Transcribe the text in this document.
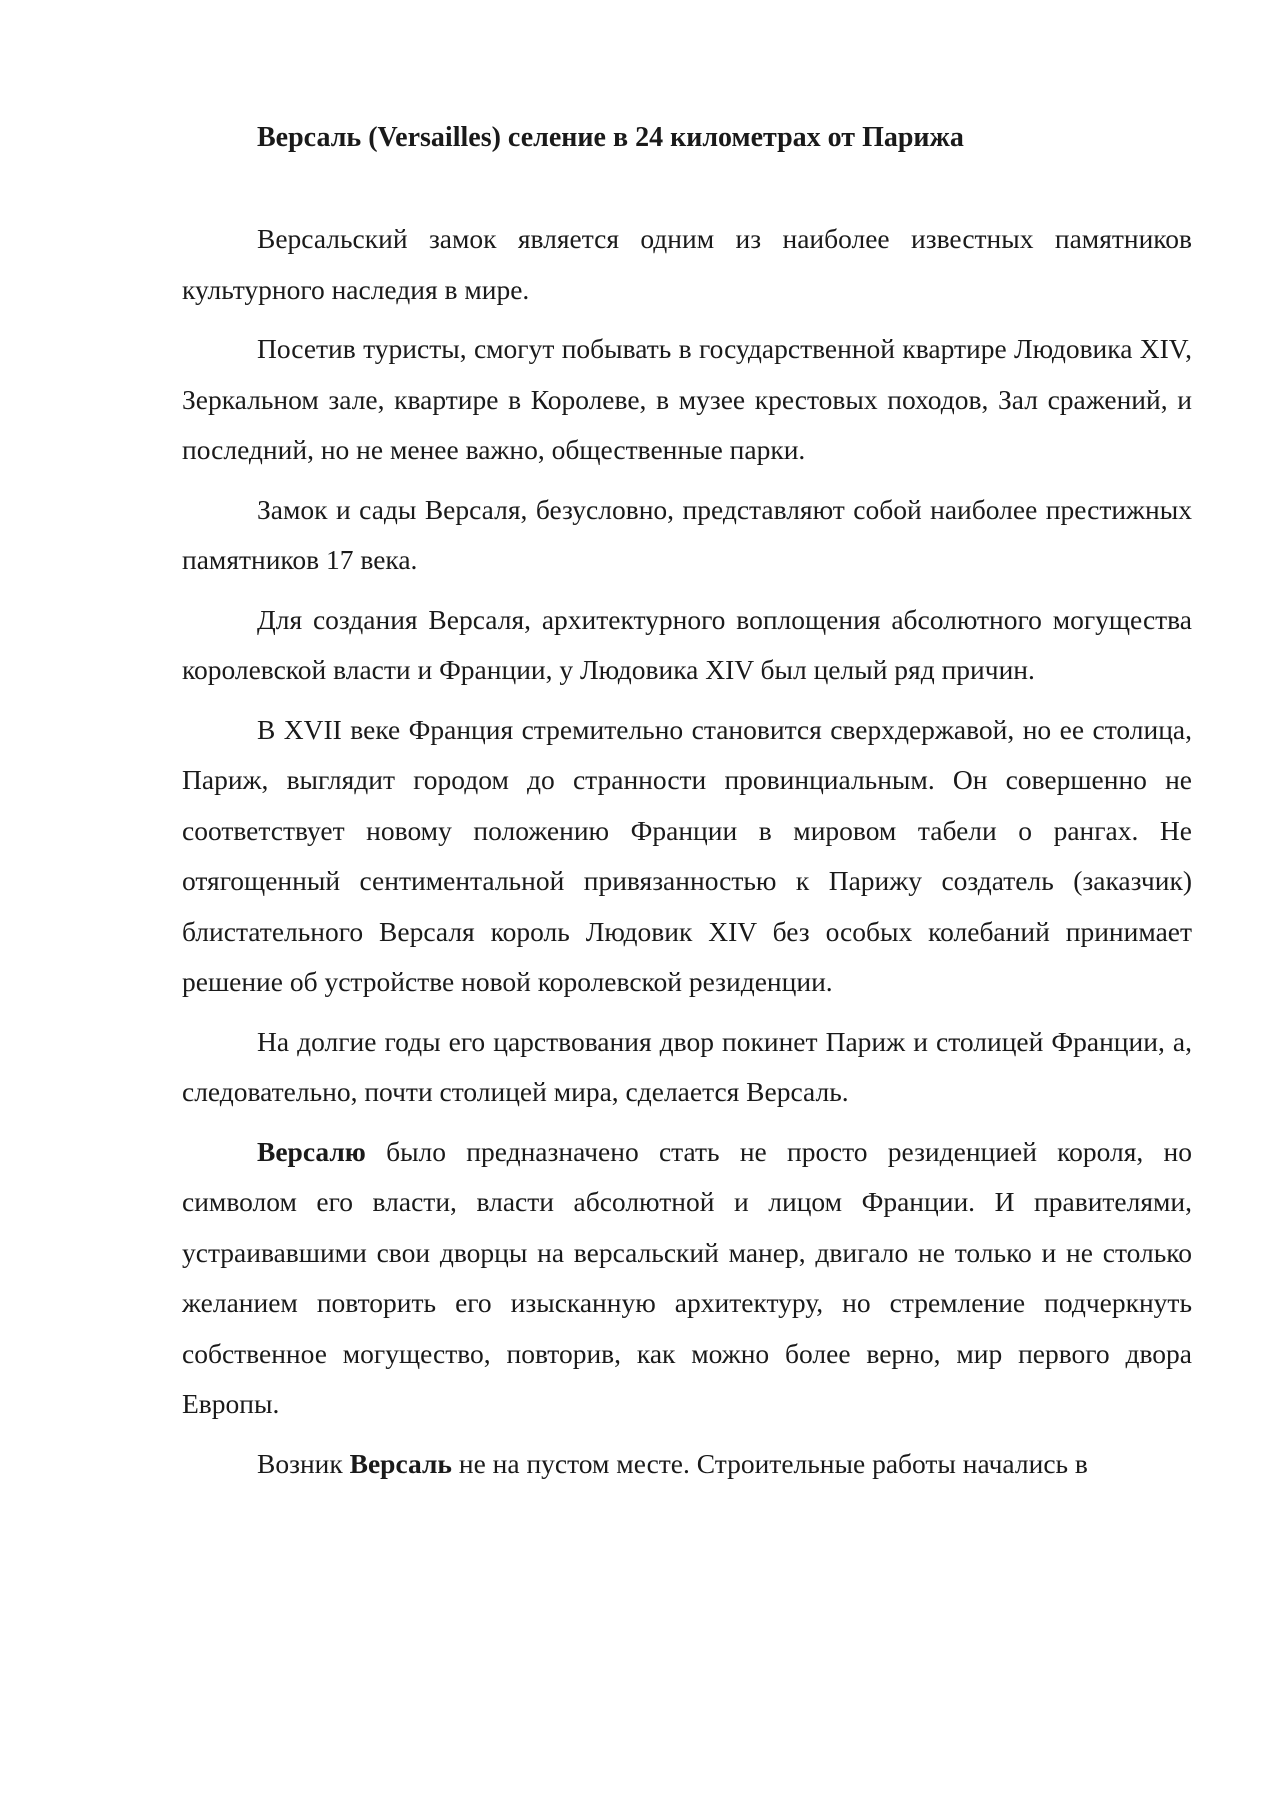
Версаль (Versailles) селение в 24 километрах от Парижа

Версальский замок является одним из наиболее известных памятников культурного наследия в мире.

Посетив туристы, смогут побывать в государственной квартире Людовика XIV, Зеркальном зале, квартире в Королеве, в музее крестовых походов, Зал сражений, и последний, но не менее важно, общественные парки.

Замок и сады Версаля, безусловно, представляют собой наиболее престижных памятников 17 века.

Для создания Версаля, архитектурного воплощения абсолютного могущества королевской власти и Франции, у Людовика XIV был целый ряд причин.

В XVII веке Франция стремительно становится сверхдержавой, но ее столица, Париж, выглядит городом до странности провинциальным. Он совершенно не соответствует новому положению Франции в мировом табели о рангах. Не отягощенный сентиментальной привязанностью к Парижу создатель (заказчик) блистательного Версаля король Людовик XIV без особых колебаний принимает решение об устройстве новой королевской резиденции.

На долгие годы его царствования двор покинет Париж и столицей Франции, а, следовательно, почти столицей мира, сделается Версаль.

Версалю было предназначено стать не просто резиденцией короля, но символом его власти, власти абсолютной и лицом Франции. И правителями, устраивавшими свои дворцы на версальский манер, двигало не только и не столько желанием повторить его изысканную архитектуру, но стремление подчеркнуть собственное могущество, повторив, как можно более верно, мир первого двора Европы.

Возник Версаль не на пустом месте. Строительные работы начались в
